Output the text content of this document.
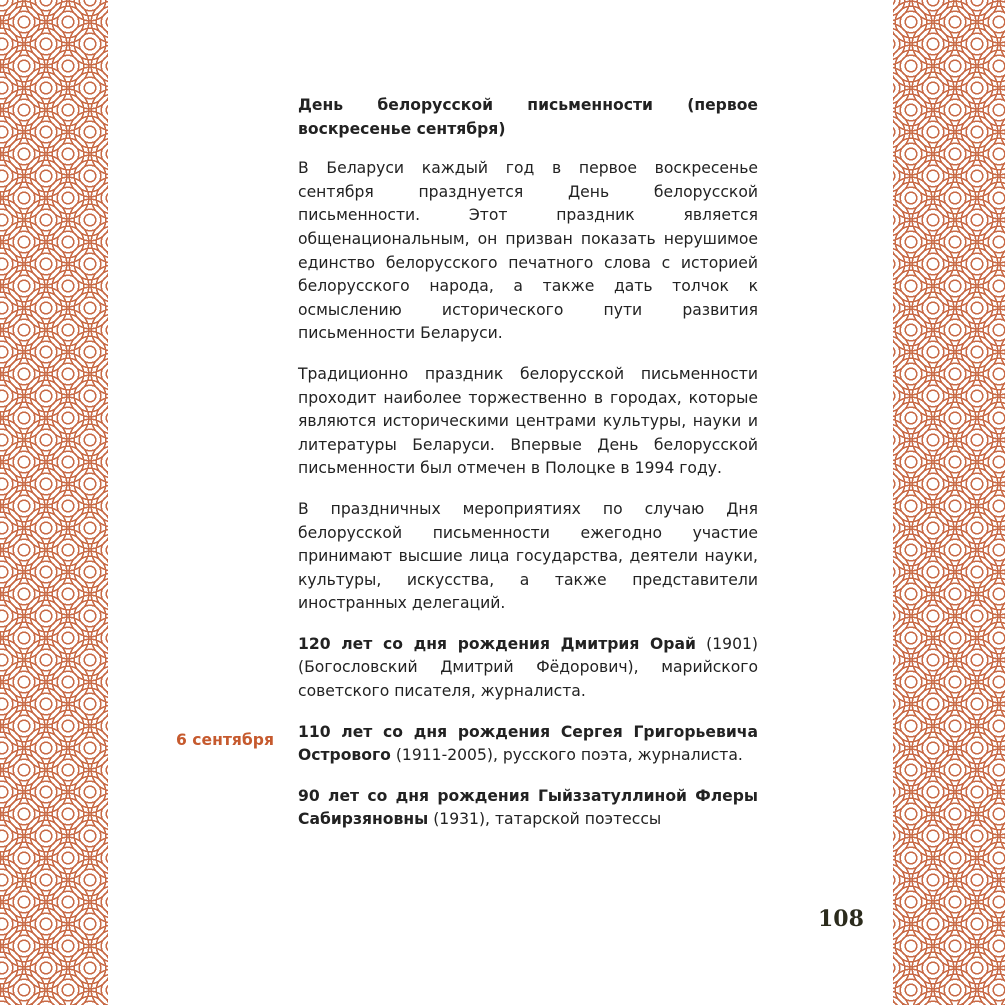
День белорусской письменности (первое воскресенье сентября)

В Беларуси каждый год в первое воскресенье сентября празднуется День белорусской письменности. Этот праздник является общенациональным, он призван показать нерушимое единство белорусского печатного слова с историей белорусского народа, а также дать толчок к осмыслению исторического пути развития письменности Беларуси.

Традиционно праздник белорусской письменности проходит наиболее торжественно в городах, которые являются историческими центрами культуры, науки и литературы Беларуси. Впервые День белорусской письменности был отмечен в Полоцке в 1994 году.

В праздничных мероприятиях по случаю Дня белорусской письменности ежегодно участие принимают высшие лица государства, деятели науки, культуры, искусства, а также представители иностранных делегаций.

120 лет со дня рождения Дмитрия Орай (1901) (Богословский Дмитрий Фёдорович), марийского советского писателя, журналиста.

110 лет со дня рождения Сергея Григорьевича Острового (1911-2005), русского поэта, журналиста.

90 лет со дня рождения Гыйззатуллиной Флеры Сабирзяновны (1931), татарской поэтессы

6 сентября
108
